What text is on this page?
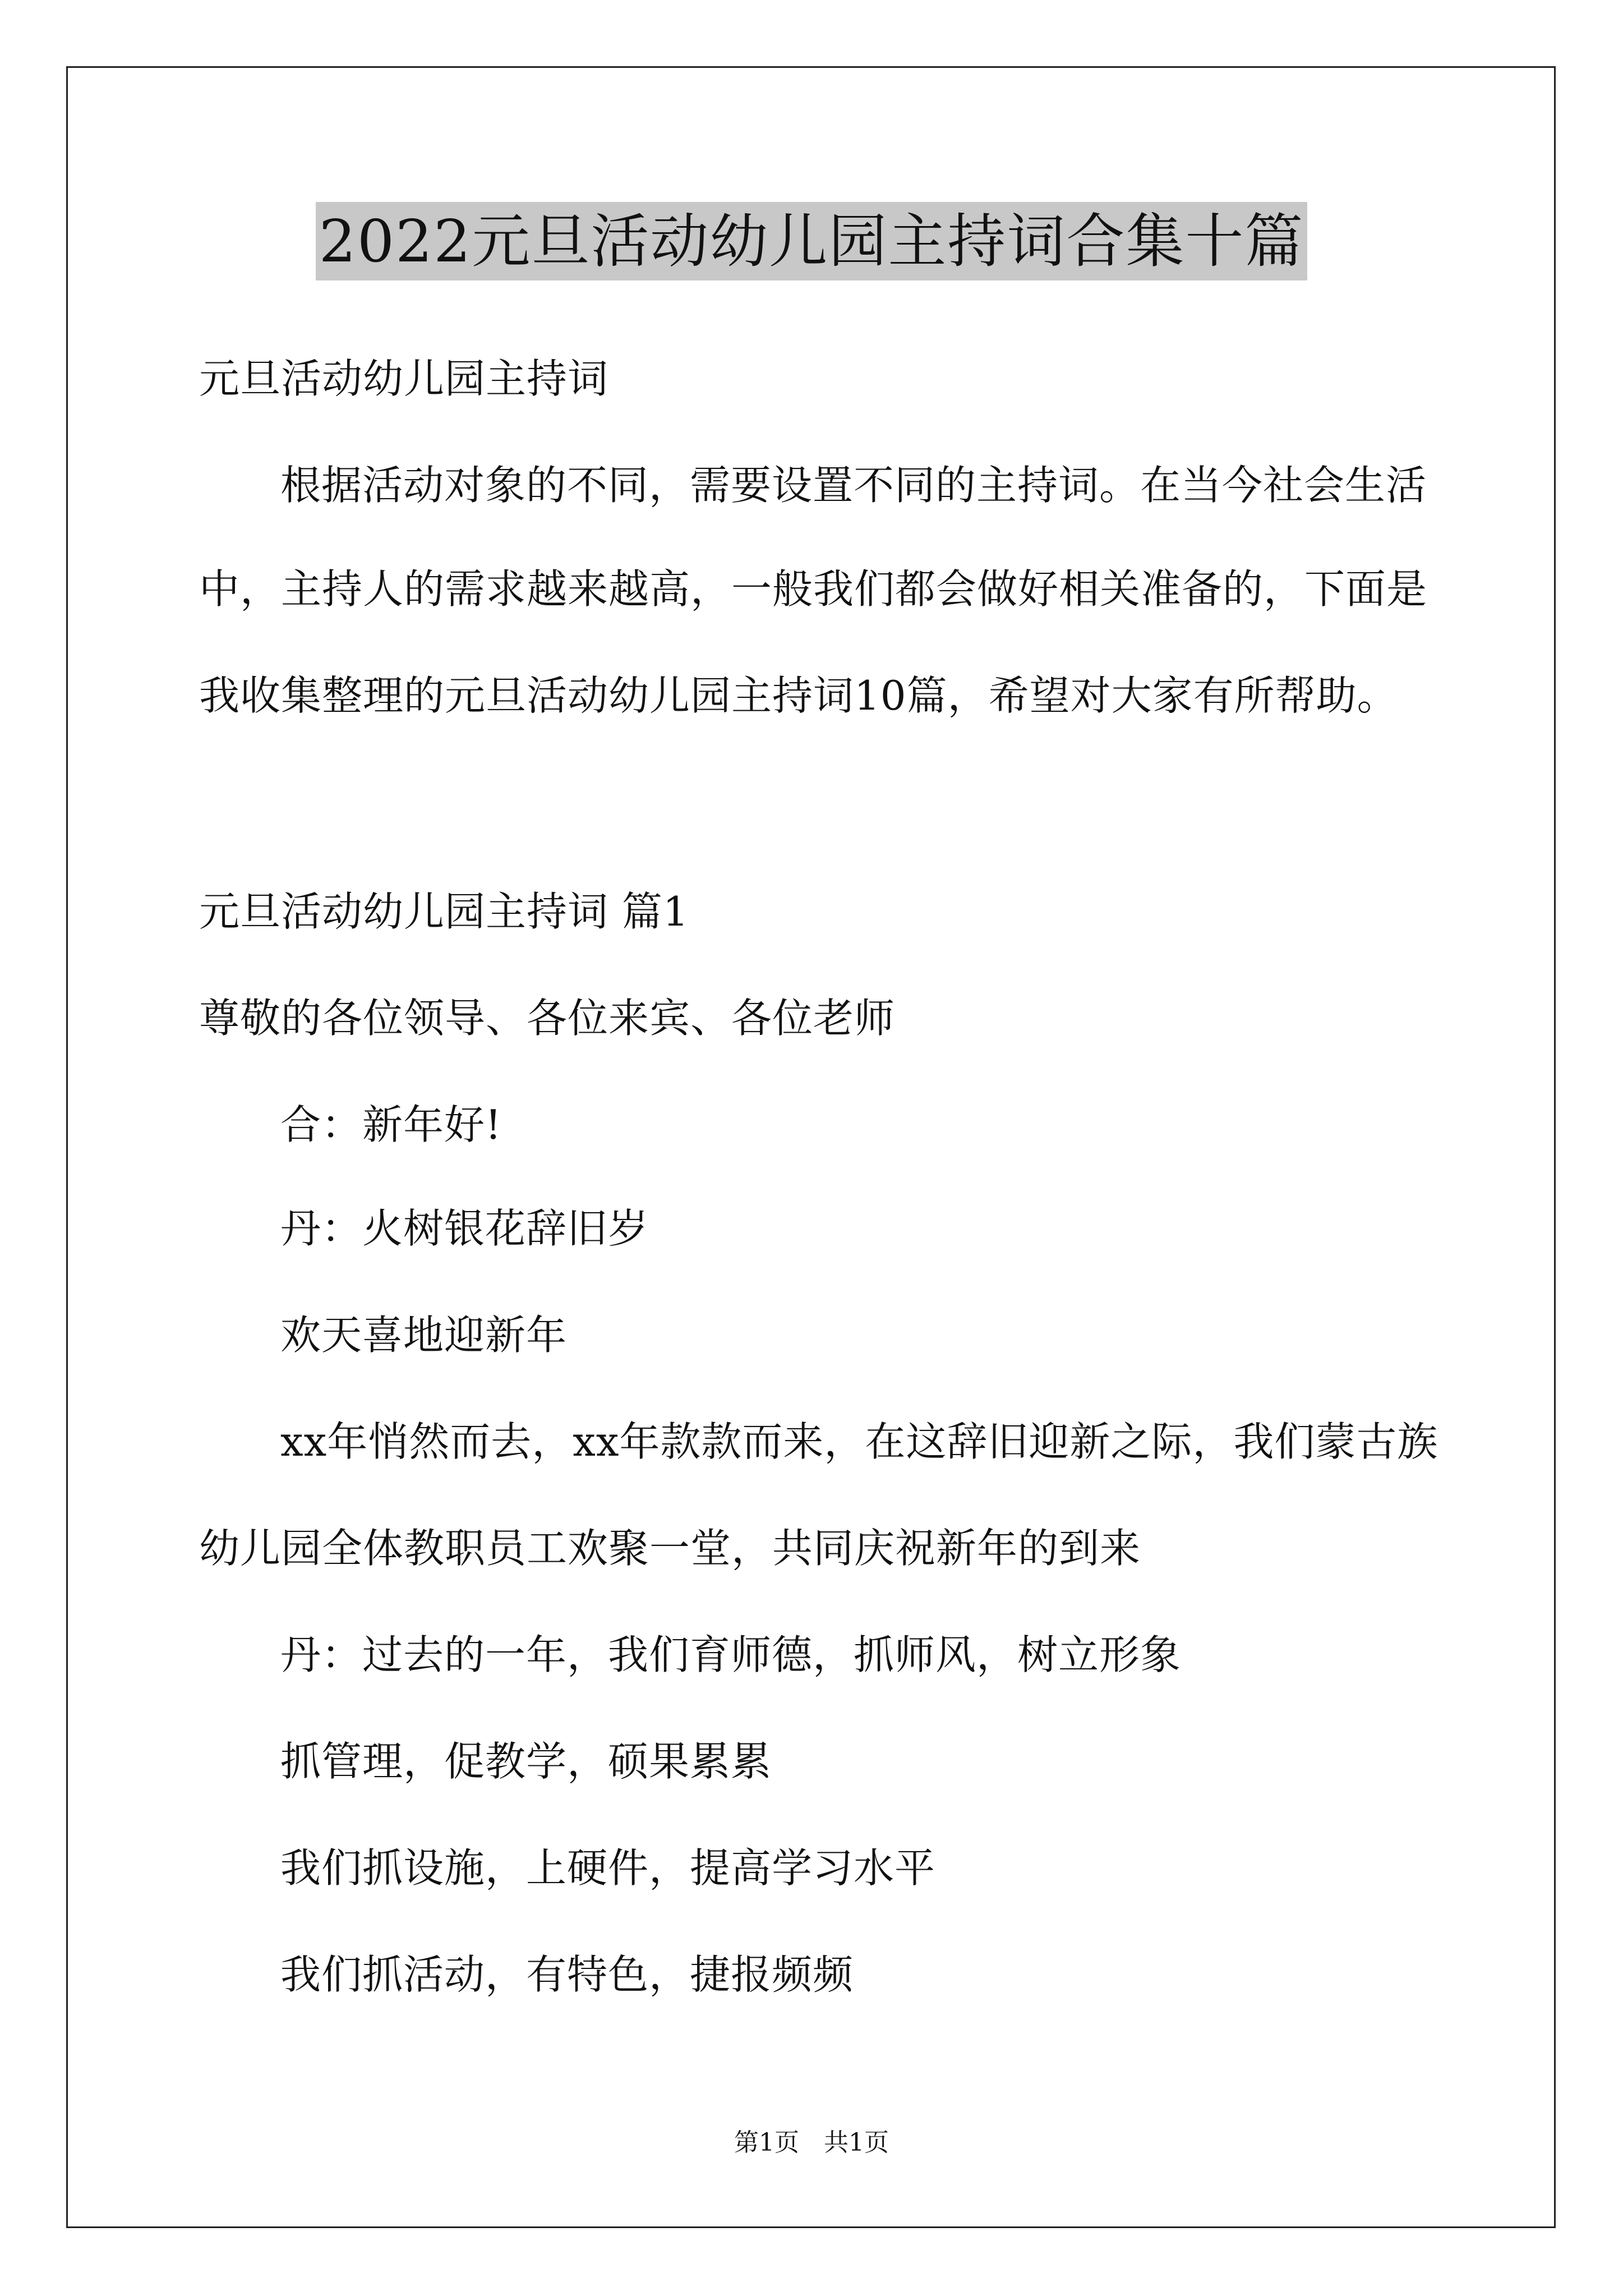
2022元旦活动幼儿园主持词合集十篇
元旦活动幼儿园主持词
根据活动对象的不同，需要设置不同的主持词。在当今社会生活
中，主持人的需求越来越高，一般我们都会做好相关准备的，下面是
我收集整理的元旦活动幼儿园主持词10篇，希望对大家有所帮助。
元旦活动幼儿园主持词 篇1
尊敬的各位领导、各位来宾、各位老师
合：新年好!
丹：火树银花辞旧岁
欢天喜地迎新年
xx年悄然而去，xx年款款而来，在这辞旧迎新之际，我们蒙古族
幼儿园全体教职员工欢聚一堂，共同庆祝新年的到来
丹：过去的一年，我们育师德，抓师风，树立形象
抓管理，促教学，硕果累累
我们抓设施，上硬件，提高学习水平
我们抓活动，有特色，捷报频频
第1页　共1页
